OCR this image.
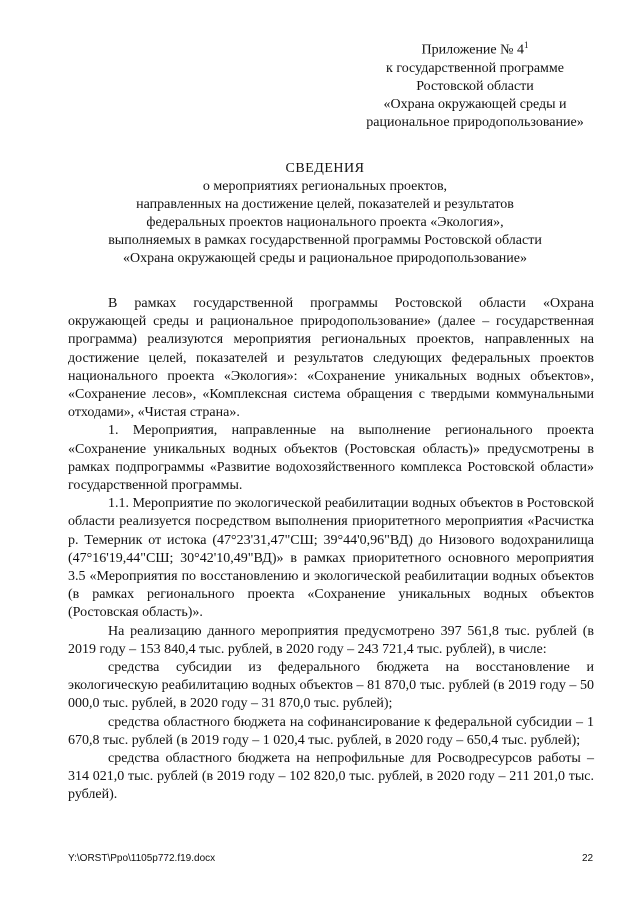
Приложение № $4^1$
к государственной программе
Ростовской области
«Охрана окружающей среды и
рациональное природопользование»
СВЕДЕНИЯ
о мероприятиях региональных проектов,
направленных на достижение целей, показателей и результатов
федеральных проектов национального проекта «Экология»,
выполняемых в рамках государственной программы Ростовской области
«Охрана окружающей среды и рациональное природопользование»

В рамках государственной программы Ростовской области «Охрана окружающей среды и рациональное природопользование» (далее – государственная программа) реализуются мероприятия региональных проектов, направленных на достижение целей, показателей и результатов следующих федеральных проектов национального проекта «Экология»: «Сохранение уникальных водных объектов», «Сохранение лесов», «Комплексная система обращения с твердыми коммунальными отходами», «Чистая страна».

1. Мероприятия, направленные на выполнение регионального проекта «Сохранение уникальных водных объектов (Ростовская область)» предусмотрены в рамках подпрограммы «Развитие водохозяйственного комплекса Ростовской области» государственной программы.

1.1. Мероприятие по экологической реабилитации водных объектов в Ростовской области реализуется посредством выполнения приоритетного мероприятия «Расчистка р. Темерник от истока (47°23'31,47"СШ; 39°44'0,96"ВД) до Низового водохранилища (47°16'19,44"СШ; 30°42'10,49"ВД)» в рамках приоритетного основного мероприятия 3.5 «Мероприятия по восстановлению и экологической реабилитации водных объектов (в рамках регионального проекта «Сохранение уникальных водных объектов (Ростовская область)».

На реализацию данного мероприятия предусмотрено 397 561,8 тыс. рублей (в 2019 году – 153 840,4 тыс. рублей, в 2020 году – 243 721,4 тыс. рублей), в числе:

средства субсидии из федерального бюджета на восстановление и экологическую реабилитацию водных объектов – 81 870,0 тыс. рублей (в 2019 году – 50 000,0 тыс. рублей, в 2020 году – 31 870,0 тыс. рублей);

средства областного бюджета на софинансирование к федеральной субсидии – 1 670,8 тыс. рублей (в 2019 году – 1 020,4 тыс. рублей, в 2020 году – 650,4 тыс. рублей);

средства областного бюджета на непрофильные для Росводресурсов работы – 314 021,0 тыс. рублей (в 2019 году – 102 820,0 тыс. рублей, в 2020 году – 211 201,0 тыс. рублей).

Y:\ORST\Ppo\1105p772.f19.docx	22
